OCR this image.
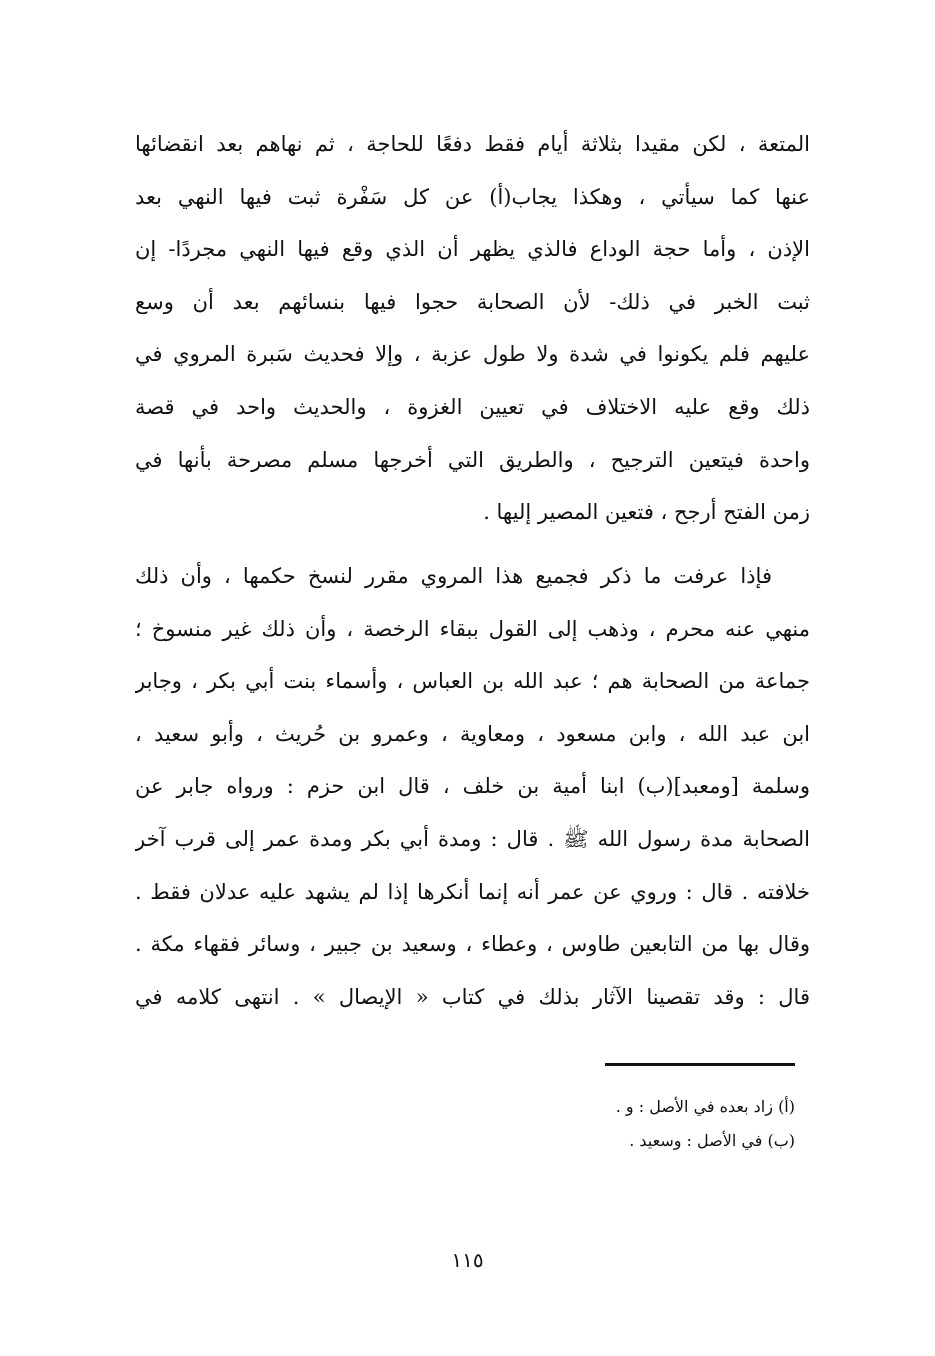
المتعة ، لكن مقيدا بثلاثة أيام فقط دفعًا للحاجة ، ثم نهاهم بعد انقضائها
عنها كما سيأتي ، وهكذا يجاب(أ) عن كل سَفْرة ثبت فيها النهي بعد
الإذن ، وأما حجة الوداع فالذي يظهر أن الذي وقع فيها النهي مجردًا- إن
ثبت الخبر في ذلك- لأن الصحابة حجوا فيها بنسائهم بعد أن وسع
عليهم فلم يكونوا في شدة ولا طول عزبة ، وإلا فحديث سَبرة المروي في
ذلك وقع عليه الاختلاف في تعيين الغزوة ، والحديث واحد في قصة
واحدة فيتعين الترجيح ، والطريق التي أخرجها مسلم مصرحة بأنها في
زمن الفتح أرجح ، فتعين المصير إليها .
فإذا عرفت ما ذكر فجميع هذا المروي مقرر لنسخ حكمها ، وأن ذلك
منهي عنه محرم ، وذهب إلى القول ببقاء الرخصة ، وأن ذلك غير منسوخ ؛
جماعة من الصحابة هم ؛ عبد الله بن العباس ، وأسماء بنت أبي بكر ، وجابر
ابن عبد الله ، وابن مسعود ، ومعاوية ، وعمرو بن حُريث ، وأبو سعيد ،
وسلمة [ومعبد](ب) ابنا أمية بن خلف ، قال ابن حزم : ورواه جابر عن
الصحابة مدة رسول الله ﷺ . قال : ومدة أبي بكر ومدة عمر إلى قرب آخر
خلافته . قال : وروي عن عمر أنه إنما أنكرها إذا لم يشهد عليه عدلان فقط .
وقال بها من التابعين طاوس ، وعطاء ، وسعيد بن جبير ، وسائر فقهاء مكة .
قال : وقد تقصينا الآثار بذلك في كتاب « الإيصال » . انتهى كلامه في
(أ) زاد بعده في الأصل : و .
(ب) في الأصل : وسعيد .
١١٥
